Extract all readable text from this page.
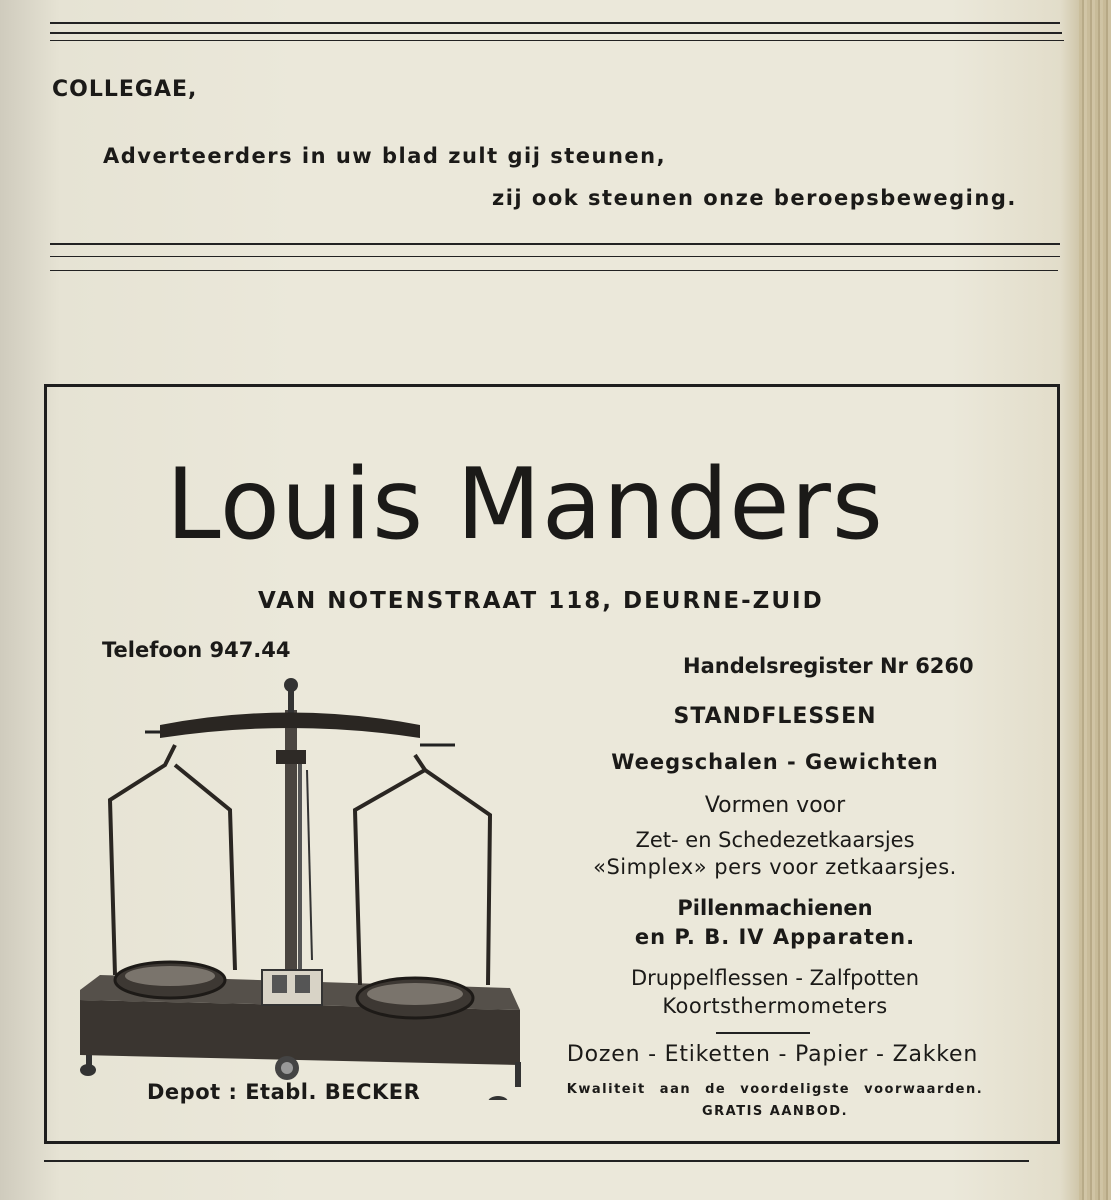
COLLEGAE,
Adverteerders in uw blad zult gij steunen,
zij ook steunen onze beroepsbeweging.
Louis Manders
VAN NOTENSTRAAT 118, DEURNE-ZUID
Telefoon 947.44
Handelsregister Nr 6260
STANDFLESSEN
Weegschalen - Gewichten
Vormen voor
Zet- en Schedezetkaarsjes
«Simplex» pers voor zetkaarsjes.
Pillenmachienen
en P. B. IV Apparaten.
Druppelflessen - Zalfpotten
Koortsthermometers
Dozen - Etiketten - Papier - Zakken
Kwaliteit aan de voordeligste voorwaarden.
GRATIS AANBOD.
Depot : Etabl. BECKER
